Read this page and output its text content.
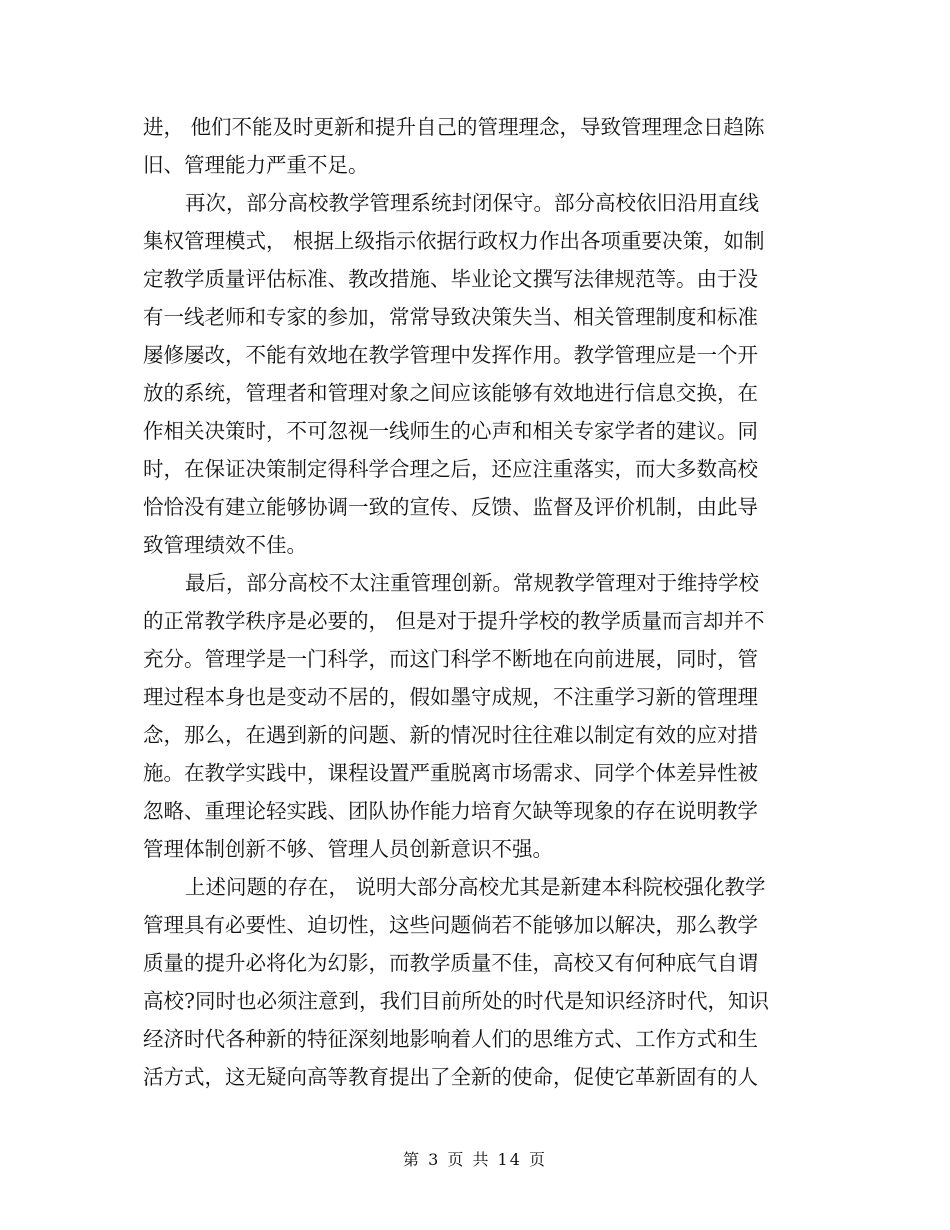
进， 他们不能及时更新和提升自己的管理理念，导致管理理念日趋陈
旧、管理能力严重不足。
再次，部分高校教学管理系统封闭保守。部分高校依旧沿用直线
集权管理模式， 根据上级指示依据行政权力作出各项重要决策，如制
定教学质量评估标准、教改措施、毕业论文撰写法律规范等。由于没
有一线老师和专家的参加，常常导致决策失当、相关管理制度和标准
屡修屡改，不能有效地在教学管理中发挥作用。教学管理应是一个开
放的系统，管理者和管理对象之间应该能够有效地进行信息交换，在
作相关决策时，不可忽视一线师生的心声和相关专家学者的建议。同
时，在保证决策制定得科学合理之后，还应注重落实，而大多数高校
恰恰没有建立能够协调一致的宣传、反馈、监督及评价机制，由此导
致管理绩效不佳。
最后，部分高校不太注重管理创新。常规教学管理对于维持学校
的正常教学秩序是必要的， 但是对于提升学校的教学质量而言却并不
充分。管理学是一门科学，而这门科学不断地在向前进展，同时，管
理过程本身也是变动不居的，假如墨守成规，不注重学习新的管理理
念，那么，在遇到新的问题、新的情况时往往难以制定有效的应对措
施。在教学实践中，课程设置严重脱离市场需求、同学个体差异性被
忽略、重理论轻实践、团队协作能力培育欠缺等现象的存在说明教学
管理体制创新不够、管理人员创新意识不强。
上述问题的存在， 说明大部分高校尤其是新建本科院校强化教学
管理具有必要性、迫切性，这些问题倘若不能够加以解决，那么教学
质量的提升必将化为幻影，而教学质量不佳，高校又有何种底气自谓
高校?同时也必须注意到，我们目前所处的时代是知识经济时代，知识
经济时代各种新的特征深刻地影响着人们的思维方式、工作方式和生
活方式，这无疑向高等教育提出了全新的使命，促使它革新固有的人
第 3 页 共 14 页
